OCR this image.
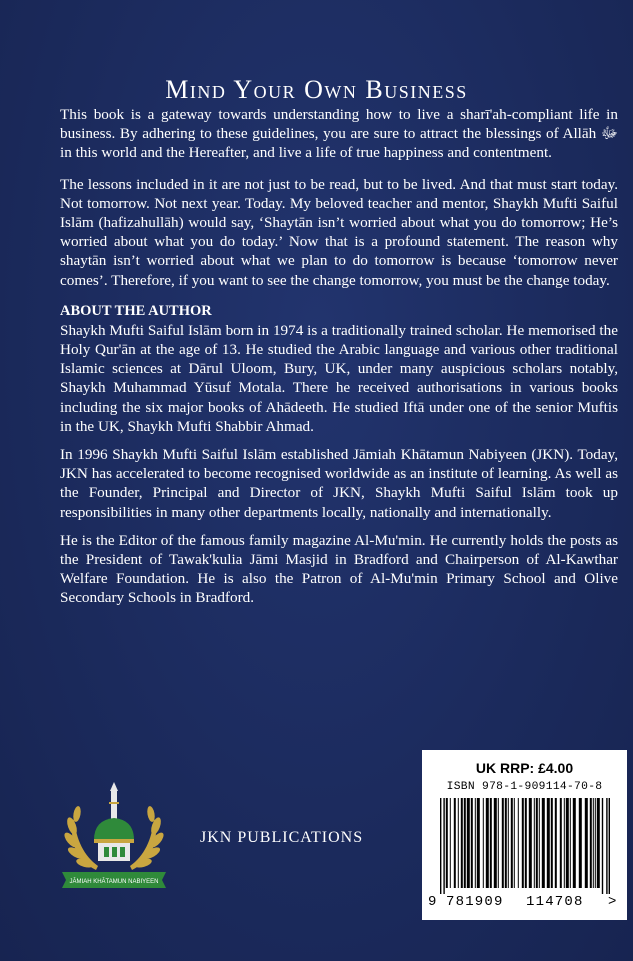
Mind Your Own Business

This book is a gateway towards understanding how to live a sharī'ah-compliant life in business. By adhering to these guidelines, you are sure to attract the blessings of Allāh ﷻ in this world and the Hereafter, and live a life of true happiness and contentment.

The lessons included in it are not just to be read, but to be lived. And that must start today. Not tomorrow. Not next year. Today. My beloved teacher and mentor, Shaykh Mufti Saiful Islām (hafizahullāh) would say, ‘Shaytān isn’t worried about what you do tomorrow; He’s worried about what you do today.’ Now that is a profound statement. The reason why shaytān isn’t worried about what we plan to do tomorrow is because ‘tomorrow never comes’. Therefore, if you want to see the change tomorrow, you must be the change today.

ABOUT THE AUTHOR

Shaykh Mufti Saiful Islām born in 1974 is a traditionally trained scholar. He memorised the Holy Qur'ān at the age of 13. He studied the Arabic language and various other traditional Islamic sciences at Dārul Uloom, Bury, UK, under many auspicious scholars notably, Shaykh Muhammad Yūsuf Motala. There he received authorisations in various books including the six major books of Ahādeeth. He studied Iftā under one of the senior Muftis in the UK, Shaykh Mufti Shabbir Ahmad.

In 1996 Shaykh Mufti Saiful Islām established Jāmiah Khātamun Nabiyeen (JKN). Today, JKN has accelerated to become recognised worldwide as an institute of learning. As well as the Founder, Principal and Director of JKN, Shaykh Mufti Saiful Islām took up responsibilities in many other departments locally, nationally and internationally.

He is the Editor of the famous family magazine Al-Mu'min. He currently holds the posts as the President of Tawak'kulia Jāmi Masjid in Bradford and Chairperson of Al-Kawthar Welfare Foundation. He is also the Patron of Al-Mu'min Primary School and Olive Secondary Schools in Bradford.

JĀMIAH KHĀTAMUN NABIYEEN
JKN PUBLICATIONS
UK RRP: £4.00
ISBN 978-1-909114-70-8
9 781909 114708 >
